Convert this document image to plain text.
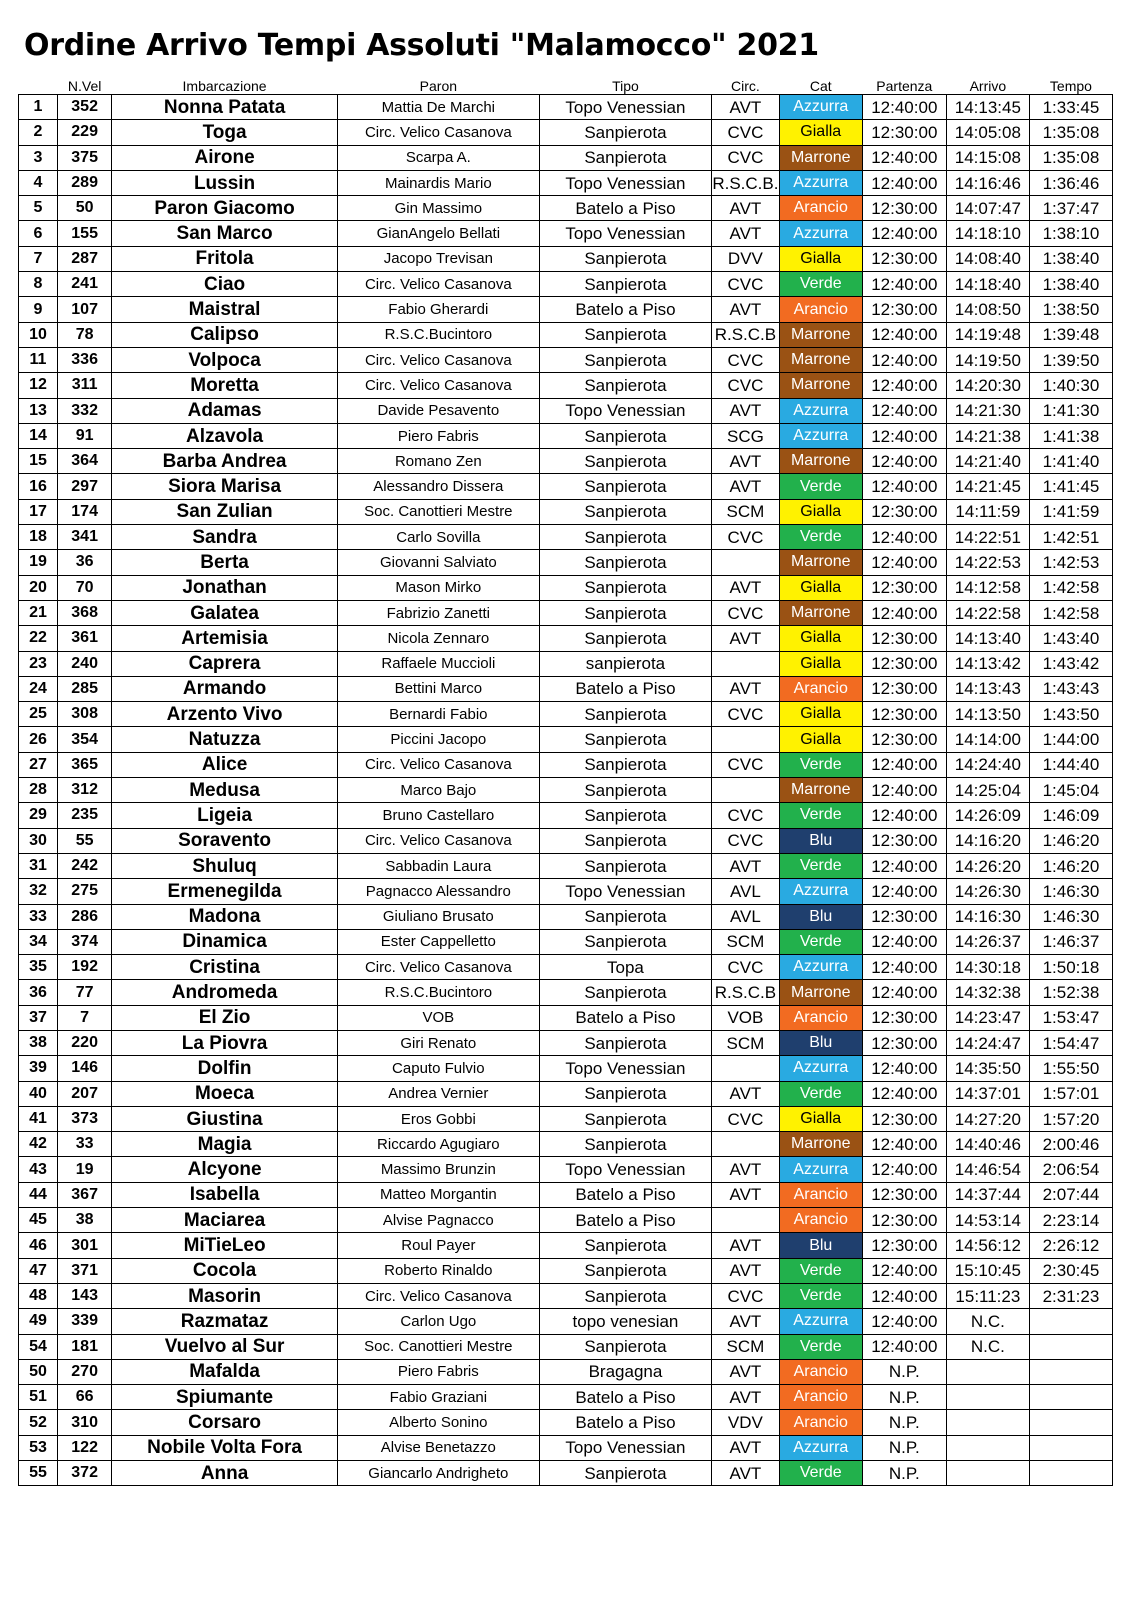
Ordine Arrivo Tempi Assoluti "Malamocco" 2021
	N.Vel	Imbarcazione	Paron	Tipo	Circ.	Cat	Partenza	Arrivo	Tempo
1	352	Nonna Patata	Mattia De Marchi	Topo Venessian	AVT	Azzurra	12:40:00	14:13:45	1:33:45
2	229	Toga	Circ. Velico Casanova	Sanpierota	CVC	Gialla	12:30:00	14:05:08	1:35:08
3	375	Airone	Scarpa A.	Sanpierota	CVC	Marrone	12:40:00	14:15:08	1:35:08
4	289	Lussin	Mainardis Mario	Topo Venessian	R.S.C.B.	Azzurra	12:40:00	14:16:46	1:36:46
5	50	Paron Giacomo	Gin Massimo	Batelo a Piso	AVT	Arancio	12:30:00	14:07:47	1:37:47
6	155	San Marco	GianAngelo Bellati	Topo Venessian	AVT	Azzurra	12:40:00	14:18:10	1:38:10
7	287	Fritola	Jacopo Trevisan	Sanpierota	DVV	Gialla	12:30:00	14:08:40	1:38:40
8	241	Ciao	Circ. Velico Casanova	Sanpierota	CVC	Verde	12:40:00	14:18:40	1:38:40
9	107	Maistral	Fabio Gherardi	Batelo a Piso	AVT	Arancio	12:30:00	14:08:50	1:38:50
10	78	Calipso	R.S.C.Bucintoro	Sanpierota	R.S.C.B	Marrone	12:40:00	14:19:48	1:39:48
11	336	Volpoca	Circ. Velico Casanova	Sanpierota	CVC	Marrone	12:40:00	14:19:50	1:39:50
12	311	Moretta	Circ. Velico Casanova	Sanpierota	CVC	Marrone	12:40:00	14:20:30	1:40:30
13	332	Adamas	Davide Pesavento	Topo Venessian	AVT	Azzurra	12:40:00	14:21:30	1:41:30
14	91	Alzavola	Piero Fabris	Sanpierota	SCG	Azzurra	12:40:00	14:21:38	1:41:38
15	364	Barba Andrea	Romano Zen	Sanpierota	AVT	Marrone	12:40:00	14:21:40	1:41:40
16	297	Siora Marisa	Alessandro Dissera	Sanpierota	AVT	Verde	12:40:00	14:21:45	1:41:45
17	174	San Zulian	Soc. Canottieri Mestre	Sanpierota	SCM	Gialla	12:30:00	14:11:59	1:41:59
18	341	Sandra	Carlo Sovilla	Sanpierota	CVC	Verde	12:40:00	14:22:51	1:42:51
19	36	Berta	Giovanni Salviato	Sanpierota		Marrone	12:40:00	14:22:53	1:42:53
20	70	Jonathan	Mason Mirko	Sanpierota	AVT	Gialla	12:30:00	14:12:58	1:42:58
21	368	Galatea	Fabrizio Zanetti	Sanpierota	CVC	Marrone	12:40:00	14:22:58	1:42:58
22	361	Artemisia	Nicola Zennaro	Sanpierota	AVT	Gialla	12:30:00	14:13:40	1:43:40
23	240	Caprera	Raffaele Muccioli	sanpierota		Gialla	12:30:00	14:13:42	1:43:42
24	285	Armando	Bettini Marco	Batelo a Piso	AVT	Arancio	12:30:00	14:13:43	1:43:43
25	308	Arzento Vivo	Bernardi Fabio	Sanpierota	CVC	Gialla	12:30:00	14:13:50	1:43:50
26	354	Natuzza	Piccini Jacopo	Sanpierota		Gialla	12:30:00	14:14:00	1:44:00
27	365	Alice	Circ. Velico Casanova	Sanpierota	CVC	Verde	12:40:00	14:24:40	1:44:40
28	312	Medusa	Marco Bajo	Sanpierota		Marrone	12:40:00	14:25:04	1:45:04
29	235	Ligeia	Bruno Castellaro	Sanpierota	CVC	Verde	12:40:00	14:26:09	1:46:09
30	55	Soravento	Circ. Velico Casanova	Sanpierota	CVC	Blu	12:30:00	14:16:20	1:46:20
31	242	Shuluq	Sabbadin Laura	Sanpierota	AVT	Verde	12:40:00	14:26:20	1:46:20
32	275	Ermenegilda	Pagnacco Alessandro	Topo Venessian	AVL	Azzurra	12:40:00	14:26:30	1:46:30
33	286	Madona	Giuliano Brusato	Sanpierota	AVL	Blu	12:30:00	14:16:30	1:46:30
34	374	Dinamica	Ester Cappelletto	Sanpierota	SCM	Verde	12:40:00	14:26:37	1:46:37
35	192	Cristina	Circ. Velico Casanova	Topa	CVC	Azzurra	12:40:00	14:30:18	1:50:18
36	77	Andromeda	R.S.C.Bucintoro	Sanpierota	R.S.C.B	Marrone	12:40:00	14:32:38	1:52:38
37	7	El Zio	VOB	Batelo a Piso	VOB	Arancio	12:30:00	14:23:47	1:53:47
38	220	La Piovra	Giri Renato	Sanpierota	SCM	Blu	12:30:00	14:24:47	1:54:47
39	146	Dolfin	Caputo Fulvio	Topo Venessian		Azzurra	12:40:00	14:35:50	1:55:50
40	207	Moeca	Andrea Vernier	Sanpierota	AVT	Verde	12:40:00	14:37:01	1:57:01
41	373	Giustina	Eros Gobbi	Sanpierota	CVC	Gialla	12:30:00	14:27:20	1:57:20
42	33	Magia	Riccardo Agugiaro	Sanpierota		Marrone	12:40:00	14:40:46	2:00:46
43	19	Alcyone	Massimo Brunzin	Topo Venessian	AVT	Azzurra	12:40:00	14:46:54	2:06:54
44	367	Isabella	Matteo Morgantin	Batelo a Piso	AVT	Arancio	12:30:00	14:37:44	2:07:44
45	38	Maciarea	Alvise Pagnacco	Batelo a Piso		Arancio	12:30:00	14:53:14	2:23:14
46	301	MiTieLeo	Roul Payer	Sanpierota	AVT	Blu	12:30:00	14:56:12	2:26:12
47	371	Cocola	Roberto Rinaldo	Sanpierota	AVT	Verde	12:40:00	15:10:45	2:30:45
48	143	Masorin	Circ. Velico Casanova	Sanpierota	CVC	Verde	12:40:00	15:11:23	2:31:23
49	339	Razmataz	Carlon Ugo	topo venesian	AVT	Azzurra	12:40:00	N.C.	
54	181	Vuelvo al Sur	Soc. Canottieri Mestre	Sanpierota	SCM	Verde	12:40:00	N.C.	
50	270	Mafalda	Piero Fabris	Bragagna	AVT	Arancio	N.P.		
51	66	Spiumante	Fabio Graziani	Batelo a Piso	AVT	Arancio	N.P.		
52	310	Corsaro	Alberto Sonino	Batelo a Piso	VDV	Arancio	N.P.		
53	122	Nobile Volta Fora	Alvise Benetazzo	Topo Venessian	AVT	Azzurra	N.P.		
55	372	Anna	Giancarlo Andrigheto	Sanpierota	AVT	Verde	N.P.		
